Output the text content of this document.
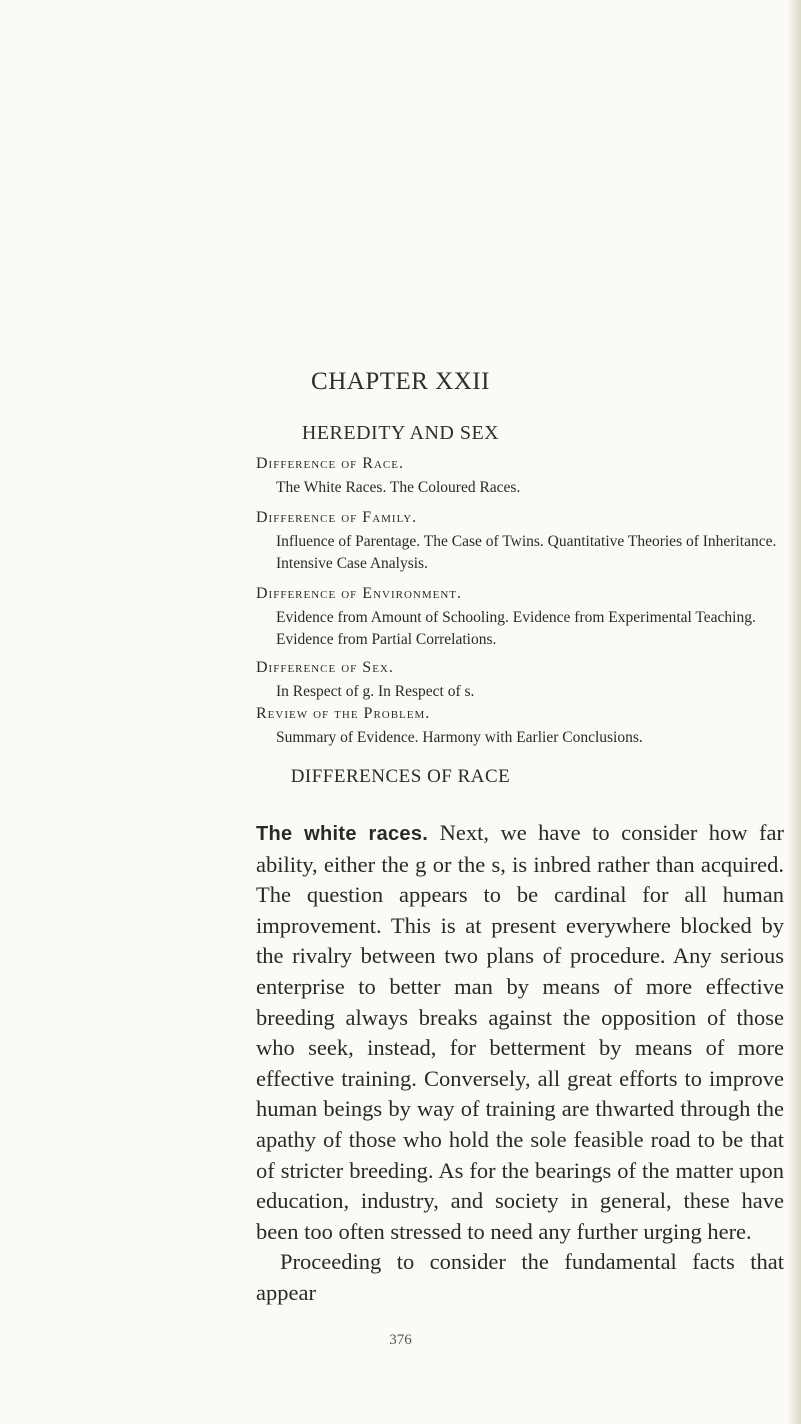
CHAPTER XXII
HEREDITY AND SEX
Difference of Race.
The White Races. The Coloured Races.
Difference of Family.
Influence of Parentage. The Case of Twins. Quantitative Theories of Inheritance. Intensive Case Analysis.
Difference of Environment.
Evidence from Amount of Schooling. Evidence from Experimental Teaching. Evidence from Partial Correlations.
Difference of Sex.
In Respect of g. In Respect of s.
Review of the Problem.
Summary of Evidence. Harmony with Earlier Conclusions.
DIFFERENCES OF RACE

The white races. Next, we have to consider how far ability, either the g or the s, is inbred rather than acquired. The question appears to be cardinal for all human improvement. This is at present everywhere blocked by the rivalry between two plans of procedure. Any serious enterprise to better man by means of more effective breeding always breaks against the opposition of those who seek, instead, for betterment by means of more effective training. Conversely, all great efforts to improve human beings by way of training are thwarted through the apathy of those who hold the sole feasible road to be that of stricter breeding. As for the bearings of the matter upon education, industry, and society in general, these have been too often stressed to need any further urging here.

Proceeding to consider the fundamental facts that appear

376
